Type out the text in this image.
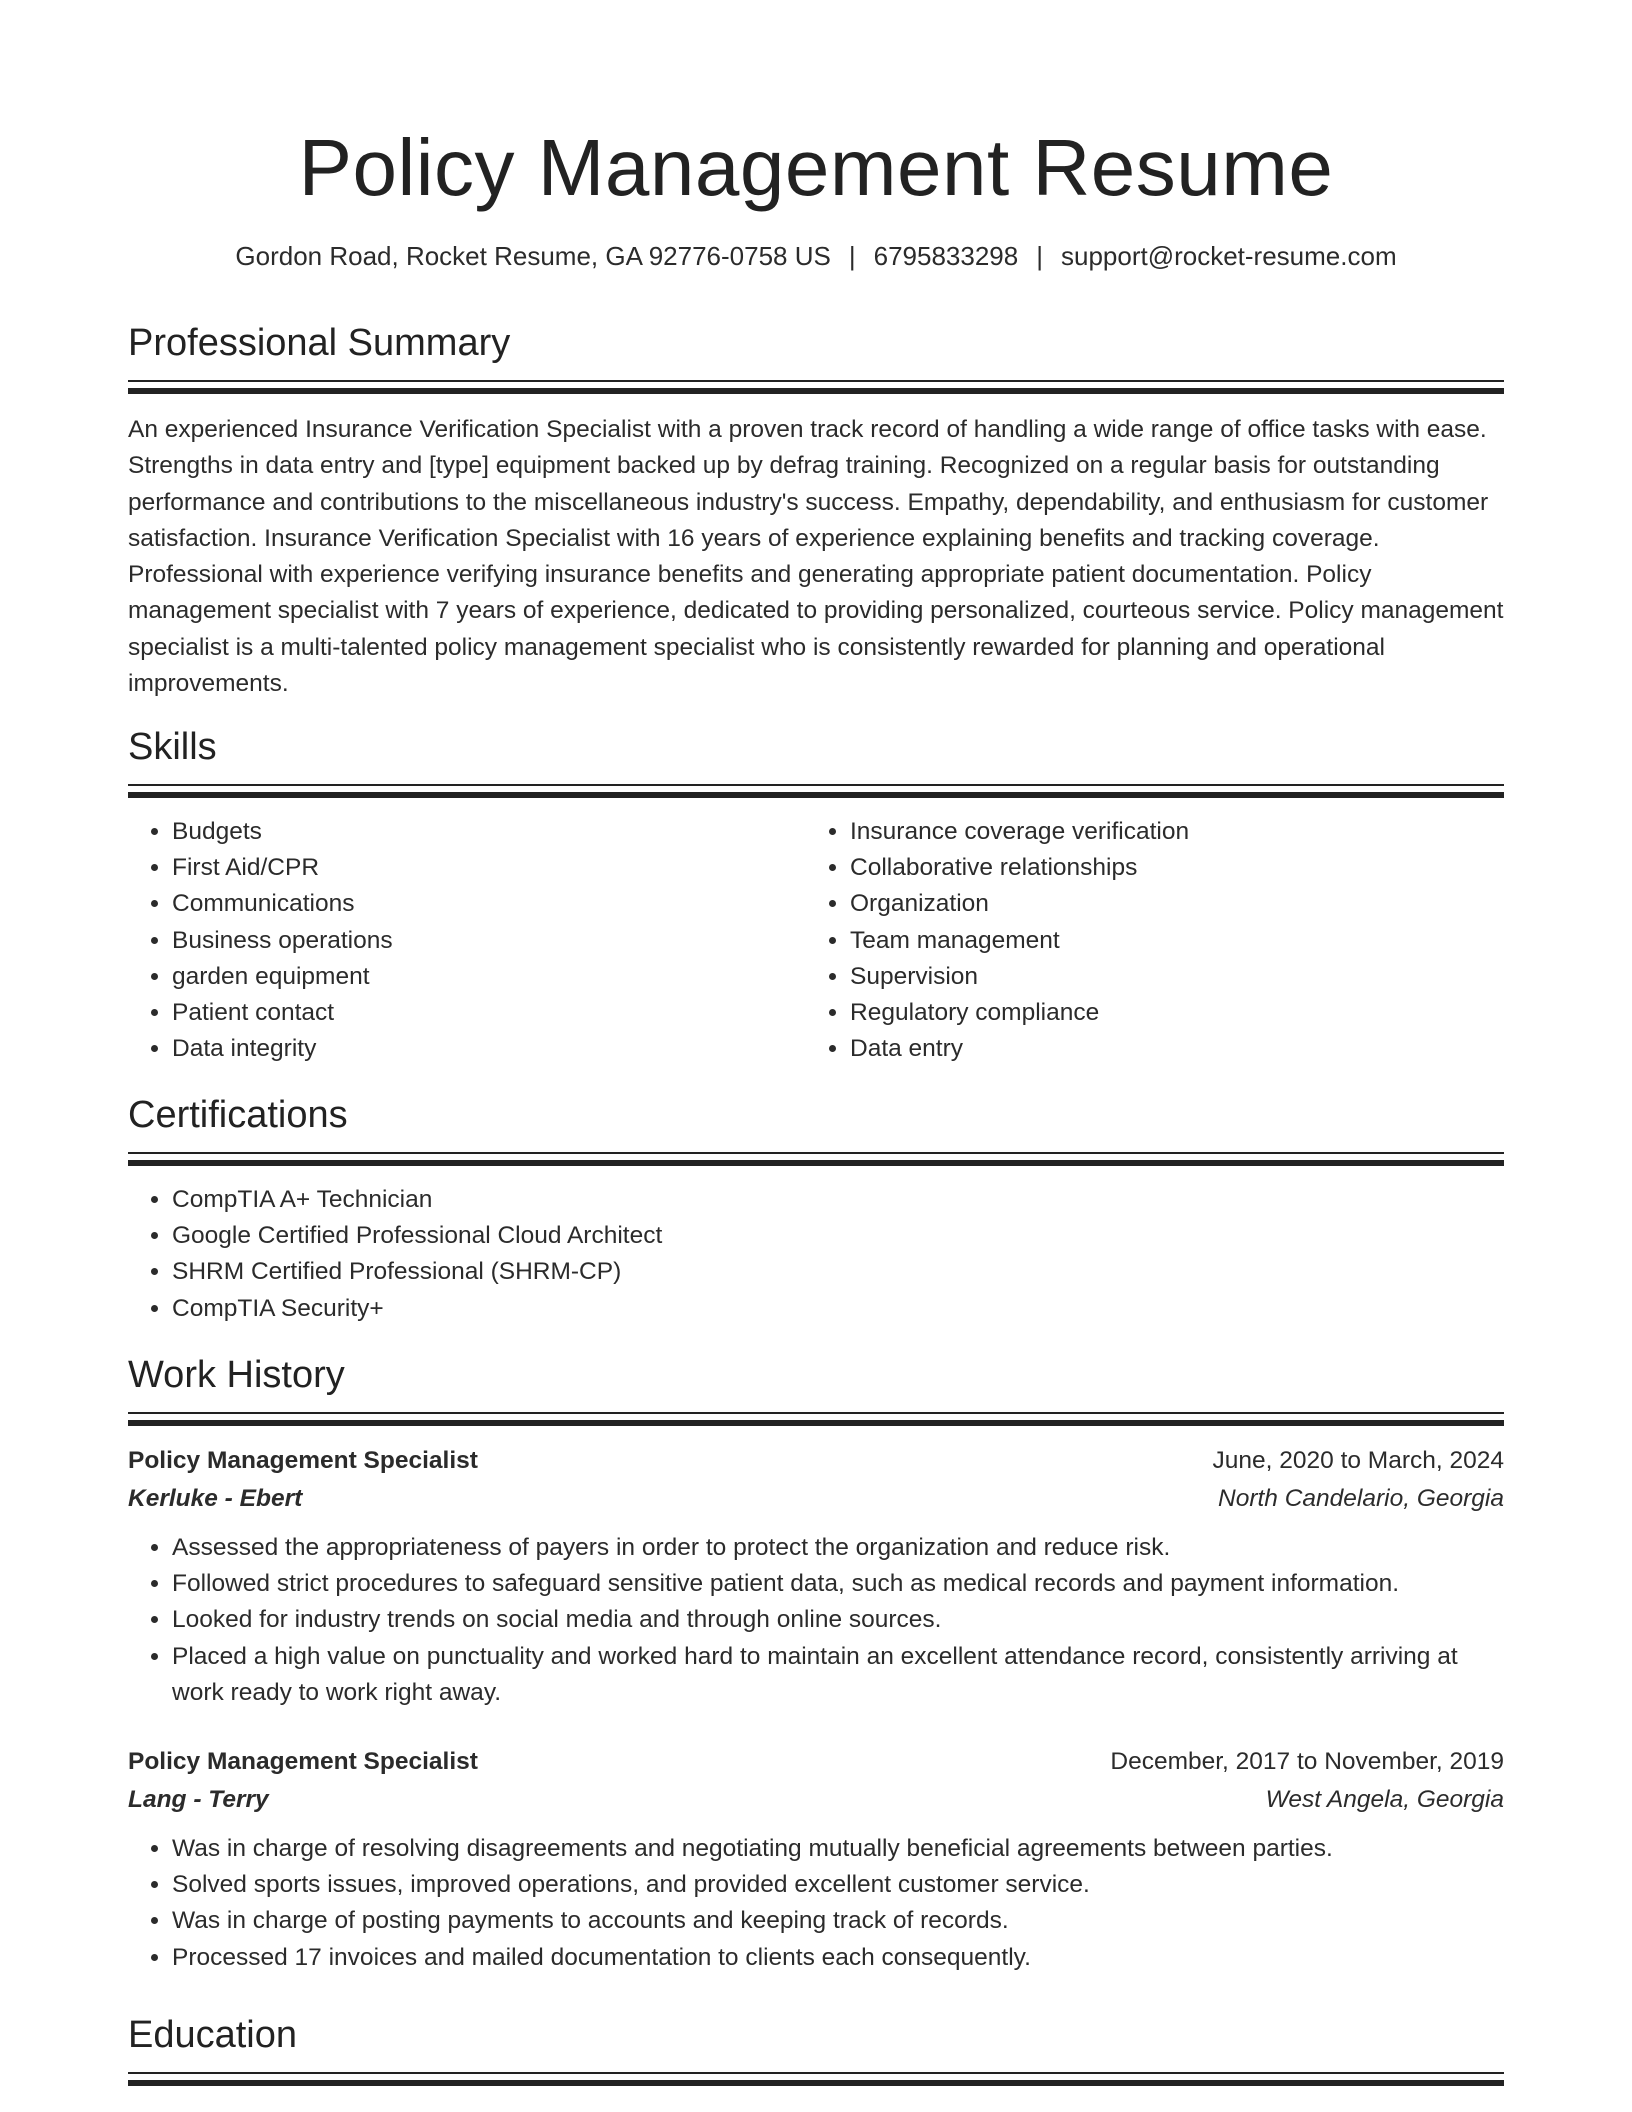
Policy Management Resume
Gordon Road, Rocket Resume, GA 92776-0758 US | 6795833298 | support@rocket-resume.com
Professional Summary

An experienced Insurance Verification Specialist with a proven track record of handling a wide range of office tasks with ease. Strengths in data entry and [type] equipment backed up by defrag training. Recognized on a regular basis for outstanding performance and contributions to the miscellaneous industry's success. Empathy, dependability, and enthusiasm for customer satisfaction. Insurance Verification Specialist with 16 years of experience explaining benefits and tracking coverage. Professional with experience verifying insurance benefits and generating appropriate patient documentation. Policy management specialist with 7 years of experience, dedicated to providing personalized, courteous service. Policy management specialist is a multi-talented policy management specialist who is consistently rewarded for planning and operational improvements.

Skills
• Budgets
• First Aid/CPR
• Communications
• Business operations
• garden equipment
• Patient contact
• Data integrity
• Insurance coverage verification
• Collaborative relationships
• Organization
• Team management
• Supervision
• Regulatory compliance
• Data entry
Certifications
• CompTIA A+ Technician
• Google Certified Professional Cloud Architect
• SHRM Certified Professional (SHRM-CP)
• CompTIA Security+
Work History
Policy Management Specialist	June, 2020 to March, 2024
Kerluke - Ebert	North Candelario, Georgia
• Assessed the appropriateness of payers in order to protect the organization and reduce risk.
• Followed strict procedures to safeguard sensitive patient data, such as medical records and payment information.
• Looked for industry trends on social media and through online sources.
• Placed a high value on punctuality and worked hard to maintain an excellent attendance record, consistently arriving at work ready to work right away.
Policy Management Specialist	December, 2017 to November, 2019
Lang - Terry	West Angela, Georgia
• Was in charge of resolving disagreements and negotiating mutually beneficial agreements between parties.
• Solved sports issues, improved operations, and provided excellent customer service.
• Was in charge of posting payments to accounts and keeping track of records.
• Processed 17 invoices and mailed documentation to clients each consequently.
Education
